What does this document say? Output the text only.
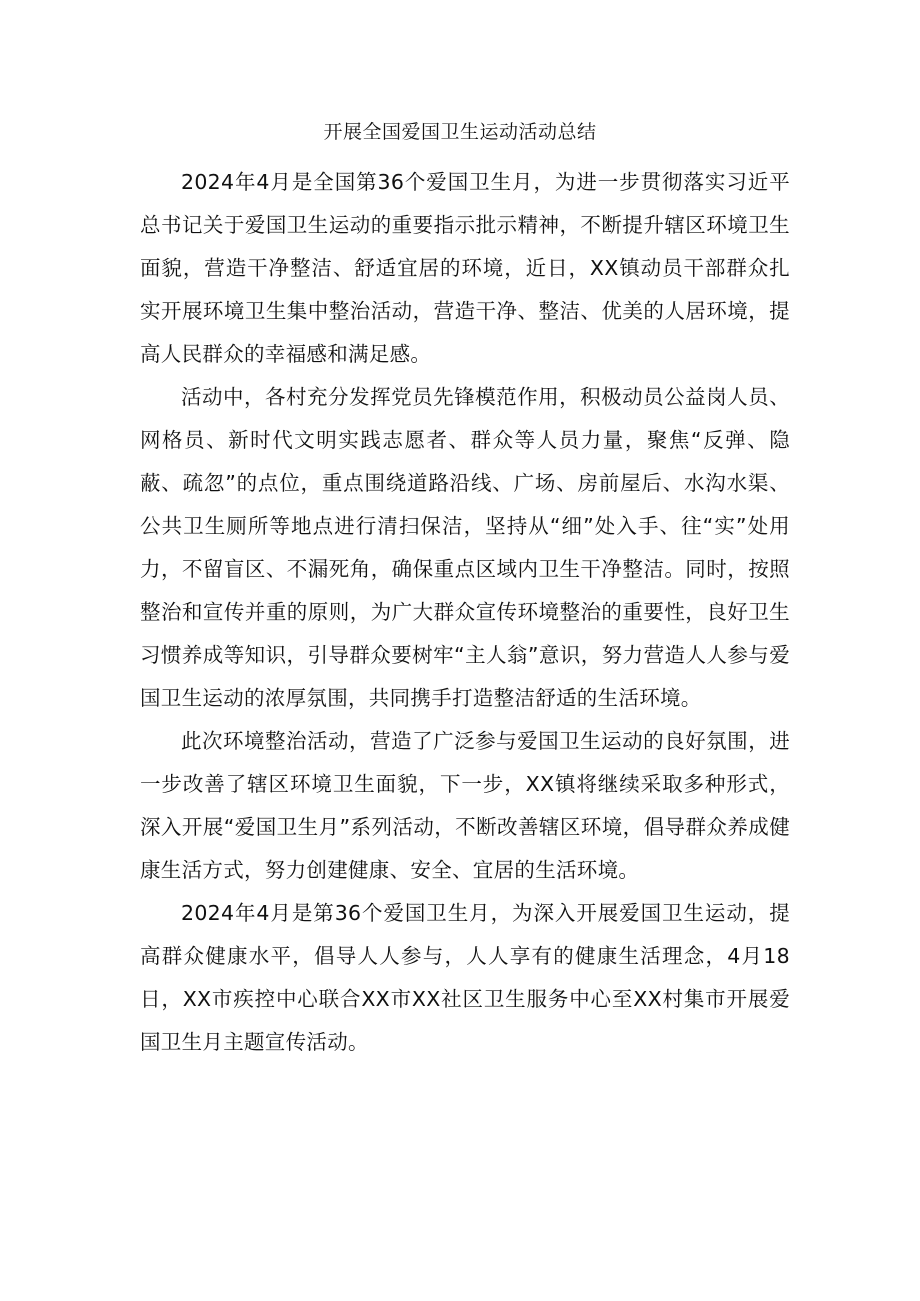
开展全国爱国卫生运动活动总结

2024年4月是全国第36个爱国卫生月，为进一步贯彻落实习近平总书记关于爱国卫生运动的重要指示批示精神，不断提升辖区环境卫生面貌，营造干净整洁、舒适宜居的环境，近日，XX镇动员干部群众扎实开展环境卫生集中整治活动，营造干净、整洁、优美的人居环境，提高人民群众的幸福感和满足感。

活动中，各村充分发挥党员先锋模范作用，积极动员公益岗人员、网格员、新时代文明实践志愿者、群众等人员力量，聚焦“反弹、隐蔽、疏忽”的点位，重点围绕道路沿线、广场、房前屋后、水沟水渠、公共卫生厕所等地点进行清扫保洁，坚持从“细”处入手、往“实”处用力，不留盲区、不漏死角，确保重点区域内卫生干净整洁。同时，按照整治和宣传并重的原则，为广大群众宣传环境整治的重要性，良好卫生习惯养成等知识，引导群众要树牢“主人翁”意识，努力营造人人参与爱国卫生运动的浓厚氛围，共同携手打造整洁舒适的生活环境。

此次环境整治活动，营造了广泛参与爱国卫生运动的良好氛围，进一步改善了辖区环境卫生面貌，下一步，XX镇将继续采取多种形式，深入开展“爱国卫生月”系列活动，不断改善辖区环境，倡导群众养成健康生活方式，努力创建健康、安全、宜居的生活环境。

2024年4月是第36个爱国卫生月，为深入开展爱国卫生运动，提高群众健康水平，倡导人人参与，人人享有的健康生活理念，4月18日，XX市疾控中心联合XX市XX社区卫生服务中心至XX村集市开展爱国卫生月主题宣传活动。
